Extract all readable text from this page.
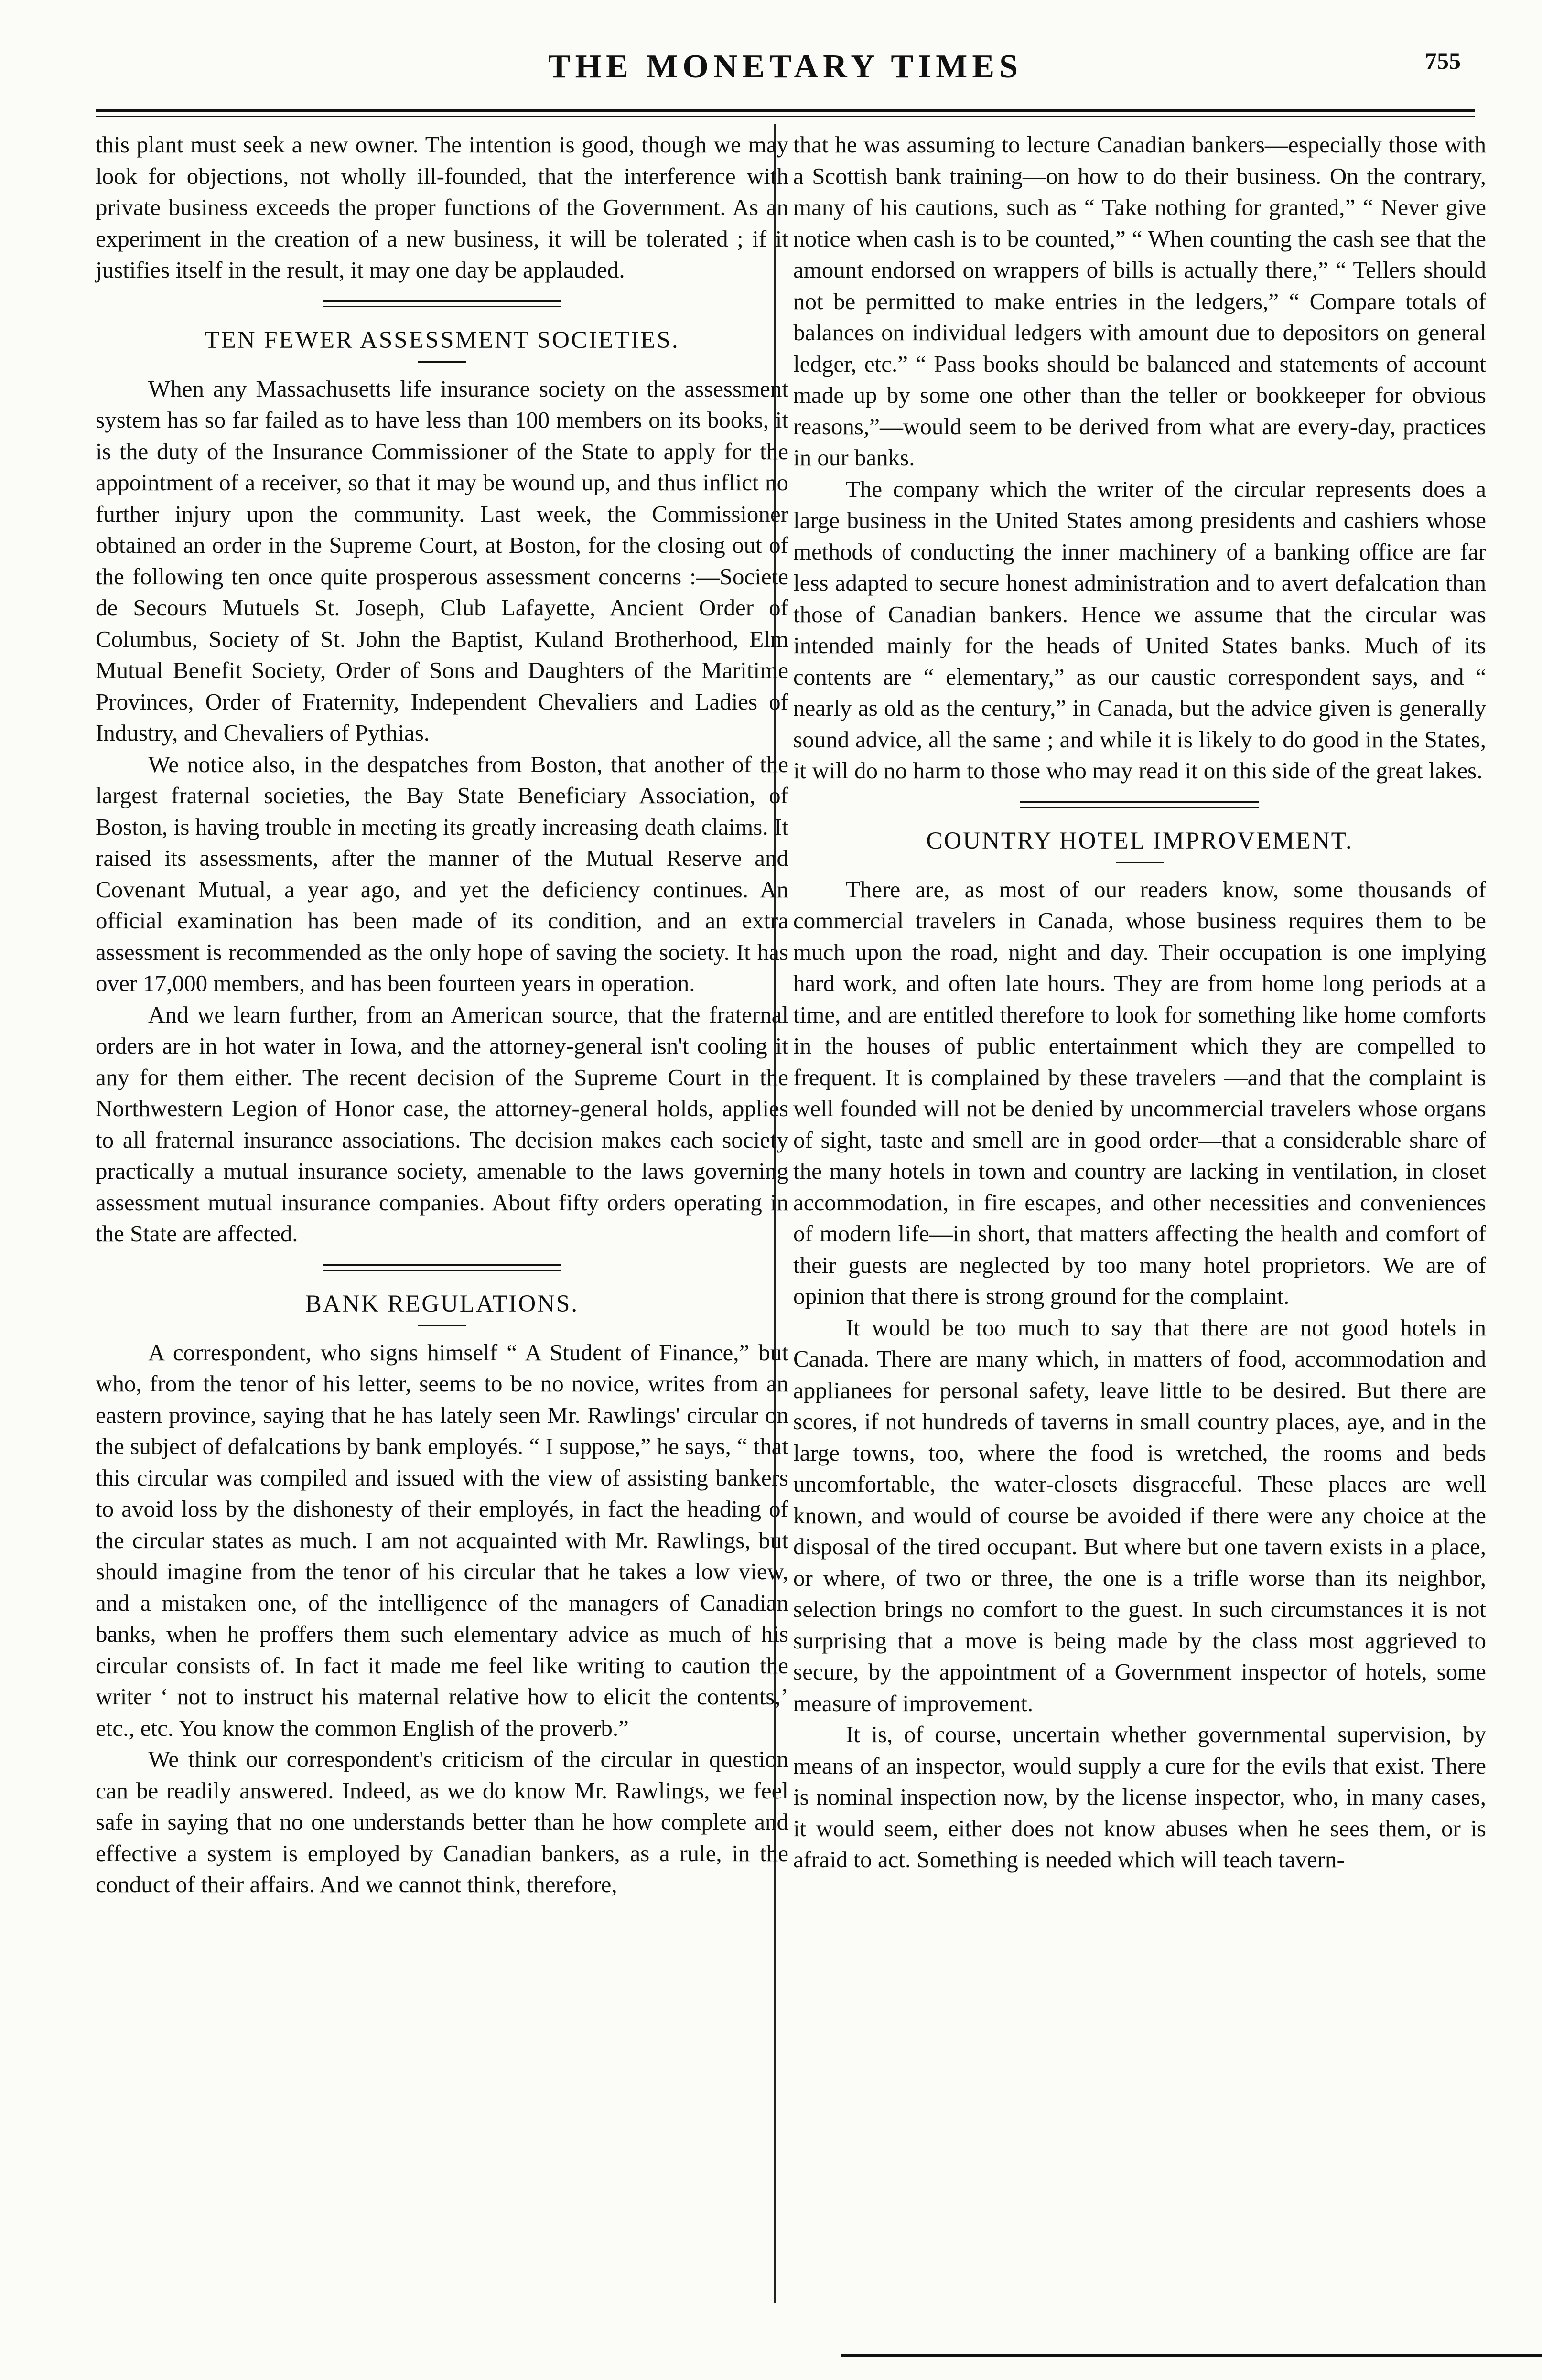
THE MONETARY TIMES	755

this plant must seek a new owner. The intention is good, though we may look for objections, not wholly ill-founded, that the interference with private business exceeds the proper functions of the Government. As an experiment in the creation of a new business, it will be tolerated ; if it justifies itself in the result, it may one day be applauded.

TEN FEWER ASSESSMENT SOCIETIES.

When any Massachusetts life insurance society on the assessment system has so far failed as to have less than 100 members on its books, it is the duty of the Insurance Commissioner of the State to apply for the appointment of a receiver, so that it may be wound up, and thus inflict no further injury upon the community. Last week, the Commissioner obtained an order in the Supreme Court, at Boston, for the closing out of the following ten once quite prosperous assessment concerns :—Societe de Secours Mutuels St. Joseph, Club Lafayette, Ancient Order of Columbus, Society of St. John the Baptist, Kuland Brotherhood, Elm Mutual Benefit Society, Order of Sons and Daughters of the Maritime Provinces, Order of Fraternity, Independent Chevaliers and Ladies of Industry, and Chevaliers of Pythias.

We notice also, in the despatches from Boston, that another of the largest fraternal societies, the Bay State Beneficiary Association, of Boston, is having trouble in meeting its greatly increasing death claims. It raised its assessments, after the manner of the Mutual Reserve and Covenant Mutual, a year ago, and yet the deficiency continues. An official examination has been made of its condition, and an extra assessment is recommended as the only hope of saving the society. It has over 17,000 members, and has been fourteen years in operation.

And we learn further, from an American source, that the fraternal orders are in hot water in Iowa, and the attorney-general isn't cooling it any for them either. The recent decision of the Supreme Court in the Northwestern Legion of Honor case, the attorney-general holds, applies to all fraternal insurance associations. The decision makes each society practically a mutual insurance society, amenable to the laws governing assessment mutual insurance companies. About fifty orders operating in the State are affected.

BANK REGULATIONS.

A correspondent, who signs himself “ A Student of Finance,” but who, from the tenor of his letter, seems to be no novice, writes from an eastern province, saying that he has lately seen Mr. Rawlings' circular on the subject of defalcations by bank employés. “ I suppose,” he says, “ that this circular was compiled and issued with the view of assisting bankers to avoid loss by the dishonesty of their employés, in fact the heading of the circular states as much. I am not acquainted with Mr. Rawlings, but should imagine from the tenor of his circular that he takes a low view, and a mistaken one, of the intelligence of the managers of Canadian banks, when he proffers them such elementary advice as much of his circular consists of. In fact it made me feel like writing to caution the writer ‘ not to instruct his maternal relative how to elicit the contents,’ etc., etc. You know the common English of the proverb.”

We think our correspondent's criticism of the circular in question can be readily answered. Indeed, as we do know Mr. Rawlings, we feel safe in saying that no one understands better than he how complete and effective a system is employed by Canadian bankers, as a rule, in the conduct of their affairs. And we cannot think, therefore,

that he was assuming to lecture Canadian bankers—especially those with a Scottish bank training—on how to do their business. On the contrary, many of his cautions, such as “ Take nothing for granted,” “ Never give notice when cash is to be counted,” “ When counting the cash see that the amount endorsed on wrappers of bills is actually there,” “ Tellers should not be permitted to make entries in the ledgers,” “ Compare totals of balances on individual ledgers with amount due to depositors on general ledger, etc.” “ Pass books should be balanced and statements of account made up by some one other than the teller or bookkeeper for obvious reasons,”—would seem to be derived from what are every-day, practices in our banks.

The company which the writer of the circular represents does a large business in the United States among presidents and cashiers whose methods of conducting the inner machinery of a banking office are far less adapted to secure honest administration and to avert defalcation than those of Canadian bankers. Hence we assume that the circular was intended mainly for the heads of United States banks. Much of its contents are “ elementary,” as our caustic correspondent says, and “ nearly as old as the century,” in Canada, but the advice given is generally sound advice, all the same ; and while it is likely to do good in the States, it will do no harm to those who may read it on this side of the great lakes.

COUNTRY HOTEL IMPROVEMENT.

There are, as most of our readers know, some thousands of commercial travelers in Canada, whose business requires them to be much upon the road, night and day. Their occupation is one implying hard work, and often late hours. They are from home long periods at a time, and are entitled therefore to look for something like home comforts in the houses of public entertainment which they are compelled to frequent. It is complained by these travelers —and that the complaint is well founded will not be denied by uncommercial travelers whose organs of sight, taste and smell are in good order—that a considerable share of the many hotels in town and country are lacking in ventilation, in closet accommodation, in fire escapes, and other necessities and conveniences of modern life—in short, that matters affecting the health and comfort of their guests are neglected by too many hotel proprietors. We are of opinion that there is strong ground for the complaint.

It would be too much to say that there are not good hotels in Canada. There are many which, in matters of food, accommodation and applianees for personal safety, leave little to be desired. But there are scores, if not hundreds of taverns in small country places, aye, and in the large towns, too, where the food is wretched, the rooms and beds uncomfortable, the water-closets disgraceful. These places are well known, and would of course be avoided if there were any choice at the disposal of the tired occupant. But where but one tavern exists in a place, or where, of two or three, the one is a trifle worse than its neighbor, selection brings no comfort to the guest. In such circumstances it is not surprising that a move is being made by the class most aggrieved to secure, by the appointment of a Government inspector of hotels, some measure of improvement.

It is, of course, uncertain whether governmental supervision, by means of an inspector, would supply a cure for the evils that exist. There is nominal inspection now, by the license inspector, who, in many cases, it would seem, either does not know abuses when he sees them, or is afraid to act. Something is needed which will teach tavern-
